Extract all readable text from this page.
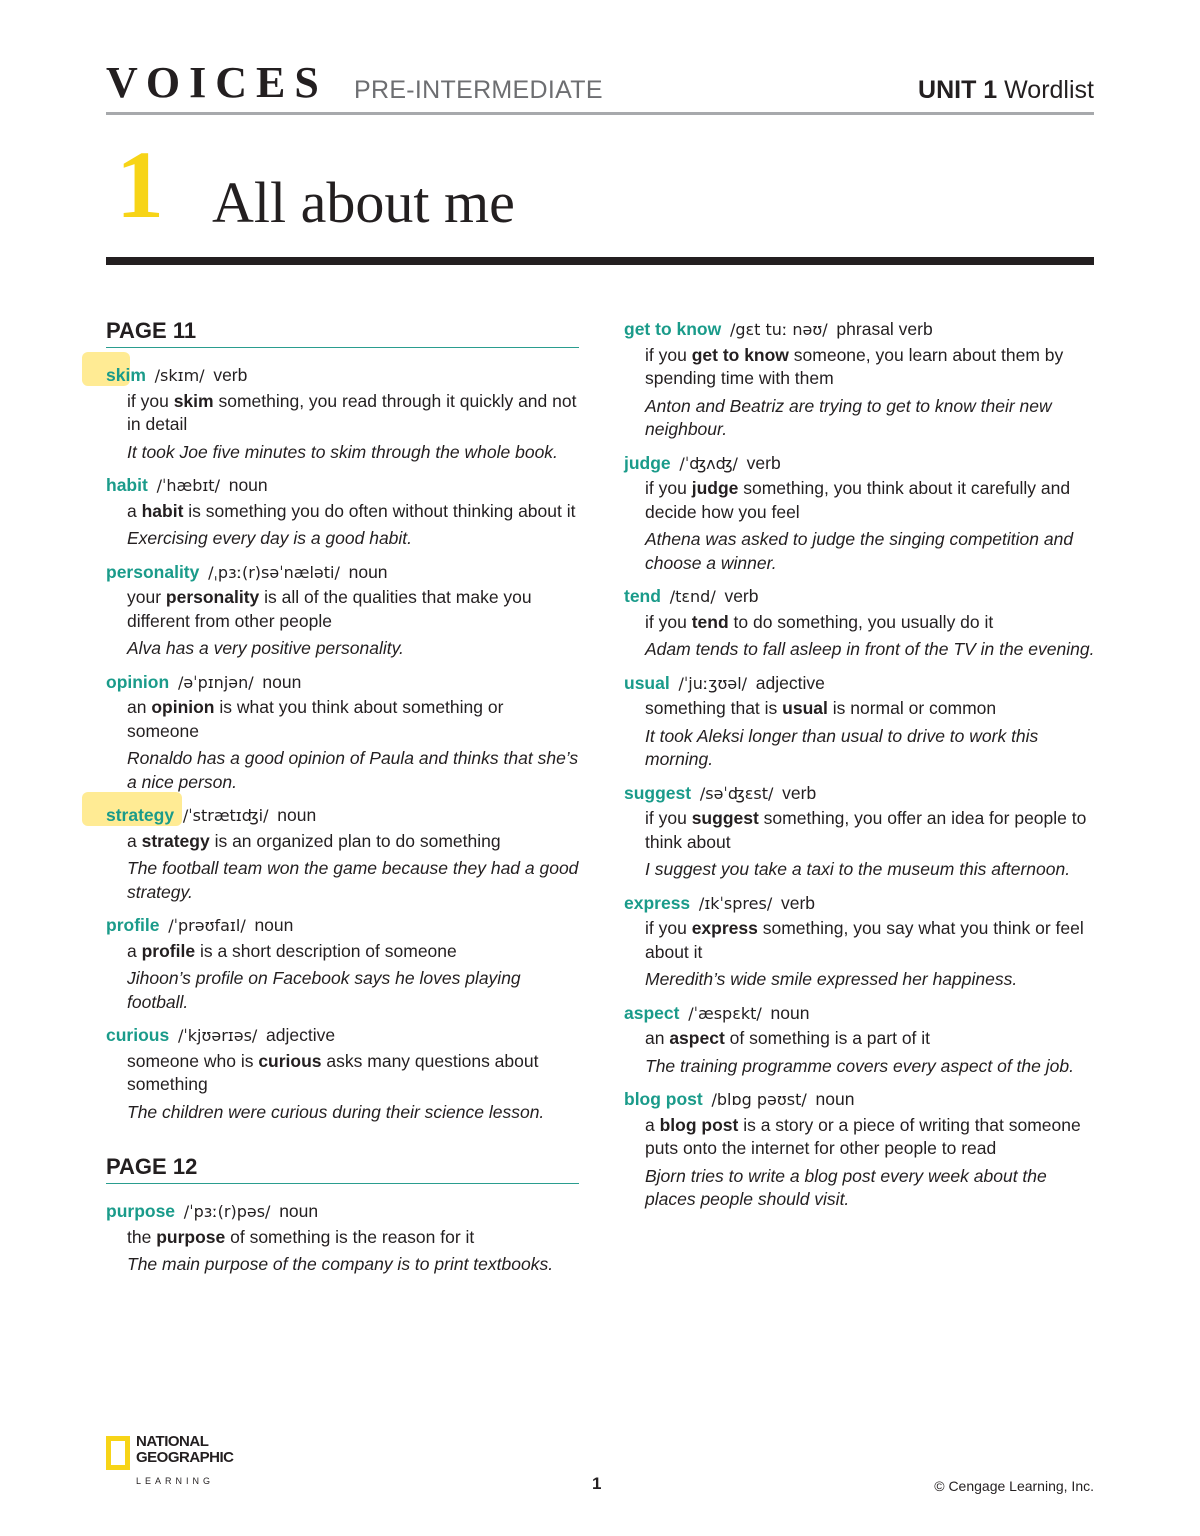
VOICES PRE-INTERMEDIATE	UNIT 1 Wordlist
1 All about me
PAGE 11
skim  /skɪm/  verb
if you skim something, you read through it quickly and not in detail
It took Joe five minutes to skim through the whole book.
habit  /ˈhæbɪt/  noun
a habit is something you do often without thinking about it
Exercising every day is a good habit.
personality  /ˌpɜː(r)səˈnæləti/  noun
your personality is all of the qualities that make you different from other people
Alva has a very positive personality.
opinion  /əˈpɪnjən/  noun
an opinion is what you think about something or someone
Ronaldo has a good opinion of Paula and thinks that she’s a nice person.
strategy  /ˈstrætɪʤi/  noun
a strategy is an organized plan to do something
The football team won the game because they had a good strategy.
profile  /ˈprəʊfaɪl/  noun
a profile is a short description of someone
Jihoon’s profile on Facebook says he loves playing football.
curious  /ˈkjʊərɪəs/  adjective
someone who is curious asks many questions about something
The children were curious during their science lesson.
PAGE 12
purpose  /ˈpɜː(r)pəs/  noun
the purpose of something is the reason for it
The main purpose of the company is to print textbooks.
get to know  /gɛt tuː nəʊ/  phrasal verb
if you get to know someone, you learn about them by spending time with them
Anton and Beatriz are trying to get to know their new neighbour.
judge  /ˈʤʌʤ/  verb
if you judge something, you think about it carefully and decide how you feel
Athena was asked to judge the singing competition and choose a winner.
tend  /tɛnd/  verb
if you tend to do something, you usually do it
Adam tends to fall asleep in front of the TV in the evening.
usual  /ˈjuːʒʊəl/  adjective
something that is usual is normal or common
It took Aleksi longer than usual to drive to work this morning.
suggest  /səˈʤɛst/  verb
if you suggest something, you offer an idea for people to think about
I suggest you take a taxi to the museum this afternoon.
express  /ɪkˈspres/  verb
if you express something, you say what you think or feel about it
Meredith’s wide smile expressed her happiness.
aspect  /ˈæspɛkt/  noun
an aspect of something is a part of it
The training programme covers every aspect of the job.
blog post  /blɒg pəʊst/  noun
a blog post is a story or a piece of writing that someone puts onto the internet for other people to read
Bjorn tries to write a blog post every week about the places people should visit.
NATIONAL
GEOGRAPHIC
LEARNING	1	© Cengage Learning, Inc.
